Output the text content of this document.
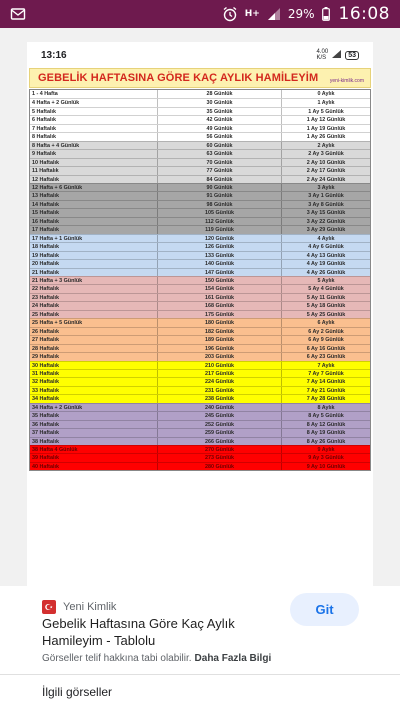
H+ 29% 16:08
13:16	4.00
K/S	53
GEBELİK HAFTASINA GÖRE KAÇ AYLIK HAMİLEYİM yeni-kimlik.com
1 - 4 Hafta	28 Günlük	0 Aylık
4 Hafta + 2 Günlük	30 Günlük	1 Aylık
5 Haftalık	35 Günlük	1 Ay 5 Günlük
6 Haftalık	42 Günlük	1 Ay 12 Günlük
7 Haftalık	49 Günlük	1 Ay 19 Günlük
8 Haftalık	56 Günlük	1 Ay 26 Günlük
8 Hafta + 4 Günlük	60 Günlük	2 Aylık
9 Haftalık	63 Günlük	2 Ay 3 Günlük
10 Haftalık	70 Günlük	2 Ay 10 Günlük
11 Haftalık	77 Günlük	2 Ay 17 Günlük
12 Haftalık	84 Günlük	2 Ay 24 Günlük
12 Hafta + 6 Günlük	90 Günlük	3 Aylık
13 Haftalık	91 Günlük	3 Ay 1 Günlük
14 Haftalık	98 Günlük	3 Ay 8 Günlük
15 Haftalık	105 Günlük	3 Ay 15 Günlük
16 Haftalık	112 Günlük	3 Ay 22 Günlük
17 Haftalık	119 Günlük	3 Ay 29 Günlük
17 Hafta + 1 Günlük	120 Günlük	4 Aylık
18 Haftalık	126 Günlük	4 Ay 6 Günlük
19 Haftalık	133 Günlük	4 Ay 13 Günlük
20 Haftalık	140 Günlük	4 Ay 19 Günlük
21 Haftalık	147 Günlük	4 Ay 26 Günlük
21 Hafta + 3 Günlük	150 Günlük	5 Aylık
22 Haftalık	154 Günlük	5 Ay 4 Günlük
23 Haftalık	161 Günlük	5 Ay 11 Günlük
24 Haftalık	168 Günlük	5 Ay 18 Günlük
25 Haftalık	175 Günlük	5 Ay 25 Günlük
25 Hafta + 5 Günlük	180 Günlük	6 Aylık
26 Haftalık	182 Günlük	6 Ay 2 Günlük
27 Haftalık	189 Günlük	6 Ay 9 Günlük
28 Haftalık	196 Günlük	6 Ay 16 Günlük
29 Haftalık	203 Günlük	6 Ay 23 Günlük
30 Haftalık	210 Günlük	7 Aylık
31 Haftalık	217 Günlük	7 Ay 7 Günlük
32 Haftalık	224 Günlük	7 Ay 14 Günlük
33 Haftalık	231 Günlük	7 Ay 21 Günlük
34 Haftalık	238 Günlük	7 Ay 28 Günlük
34 Hafta + 2 Günlük	240 Günlük	8 Aylık
35 Haftalık	245 Günlük	8 Ay 5 Günlük
36 Haftalık	252 Günlük	8 Ay 12 Günlük
37 Haftalık	259 Günlük	8 Ay 19 Günlük
38 Haftalık	266 Günlük	8 Ay 26 Günlük
38 Hafta 4 Günlük	270 Günlük	9 Aylık
39 Haftalık	273 Günlük	9 Ay 3 Günlük
40 Haftalık	280 Günlük	9 Ay 10 Günlük
Yeni Kimlik
Gebelik Haftasına Göre Kaç Aylık Hamileyim - Tablolu
Git
Görseller telif hakkına tabi olabilir. Daha Fazla Bilgi
İlgili görseller
